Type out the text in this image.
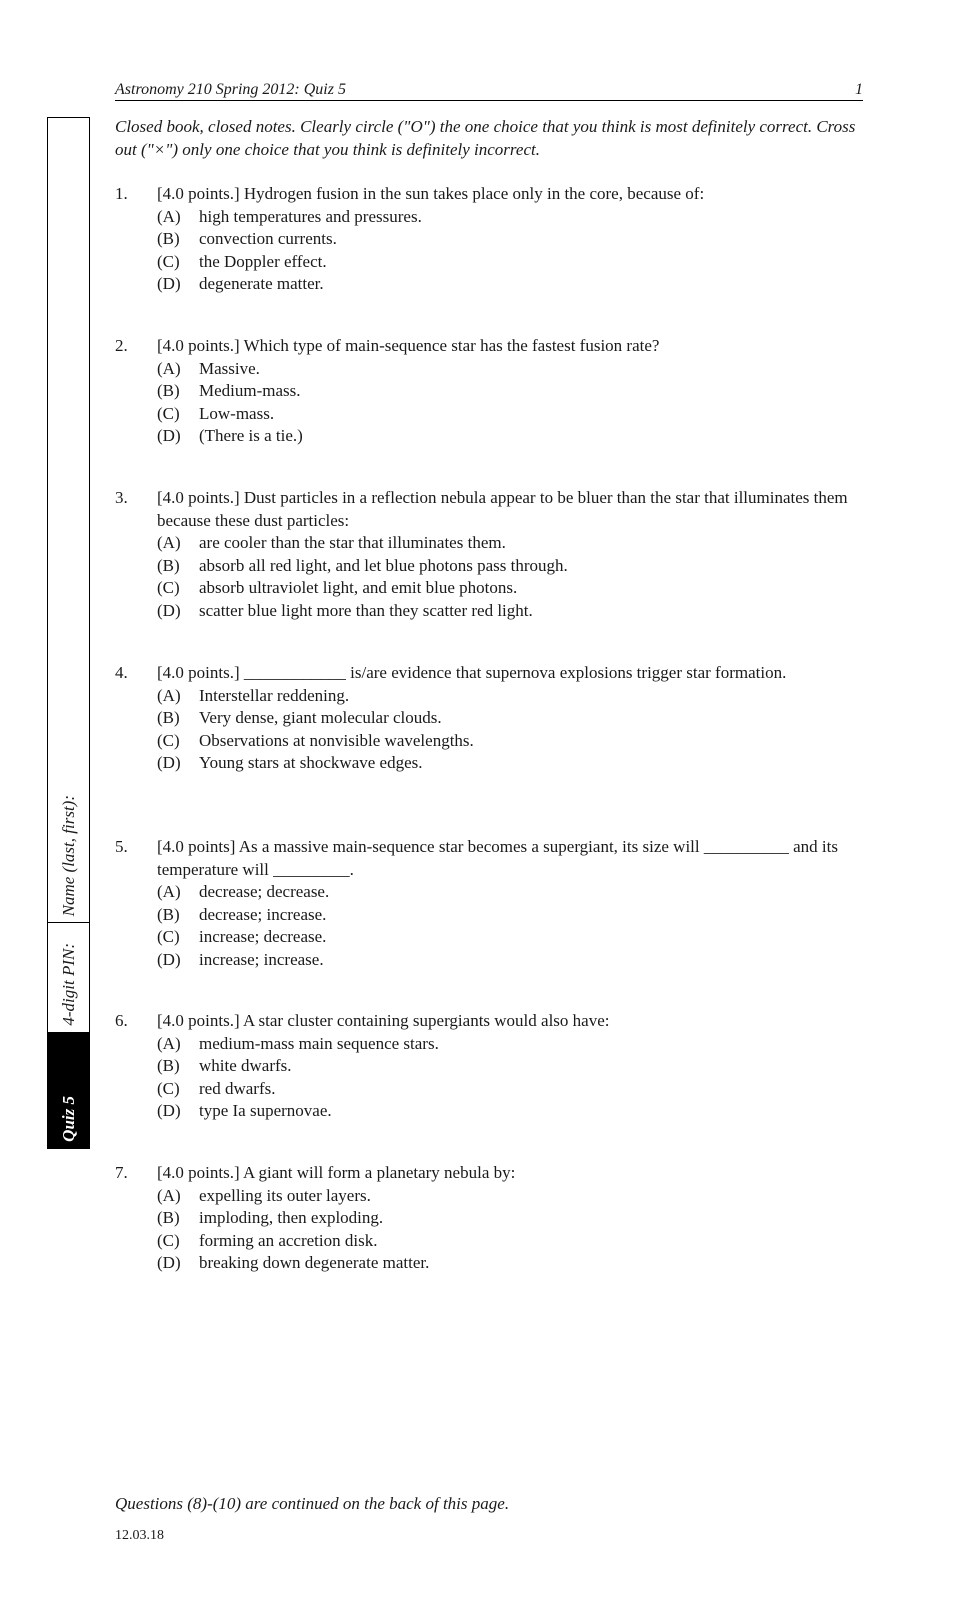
Astronomy 210 Spring 2012: Quiz 5	1
Closed book, closed notes. Clearly circle ("O") the one choice that you think is most definitely correct. Cross out ("×") only one choice that you think is definitely incorrect.
Name (last, first):
4-digit PIN:
Quiz 5
1. [4.0 points.] Hydrogen fusion in the sun takes place only in the core, because of:
(A)	high temperatures and pressures.
(B)	convection currents.
(C)	the Doppler effect.
(D)	degenerate matter.
2. [4.0 points.] Which type of main-sequence star has the fastest fusion rate?
(A)	Massive.
(B)	Medium-mass.
(C)	Low-mass.
(D)	(There is a tie.)
3. [4.0 points.] Dust particles in a reflection nebula appear to be bluer than the star that illuminates them because these dust particles:
(A)	are cooler than the star that illuminates them.
(B)	absorb all red light, and let blue photons pass through.
(C)	absorb ultraviolet light, and emit blue photons.
(D)	scatter blue light more than they scatter red light.
4. [4.0 points.] ____________ is/are evidence that supernova explosions trigger star formation.
(A)	Interstellar reddening.
(B)	Very dense, giant molecular clouds.
(C)	Observations at nonvisible wavelengths.
(D)	Young stars at shockwave edges.
5. [4.0 points] As a massive main-sequence star becomes a supergiant, its size will __________ and its temperature will _________.
(A)	decrease; decrease.
(B)	decrease; increase.
(C)	increase; decrease.
(D)	increase; increase.
6. [4.0 points.] A star cluster containing supergiants would also have:
(A)	medium-mass main sequence stars.
(B)	white dwarfs.
(C)	red dwarfs.
(D)	type Ia supernovae.
7. [4.0 points.] A giant will form a planetary nebula by:
(A)	expelling its outer layers.
(B)	imploding, then exploding.
(C)	forming an accretion disk.
(D)	breaking down degenerate matter.
Questions (8)-(10) are continued on the back of this page.
12.03.18
